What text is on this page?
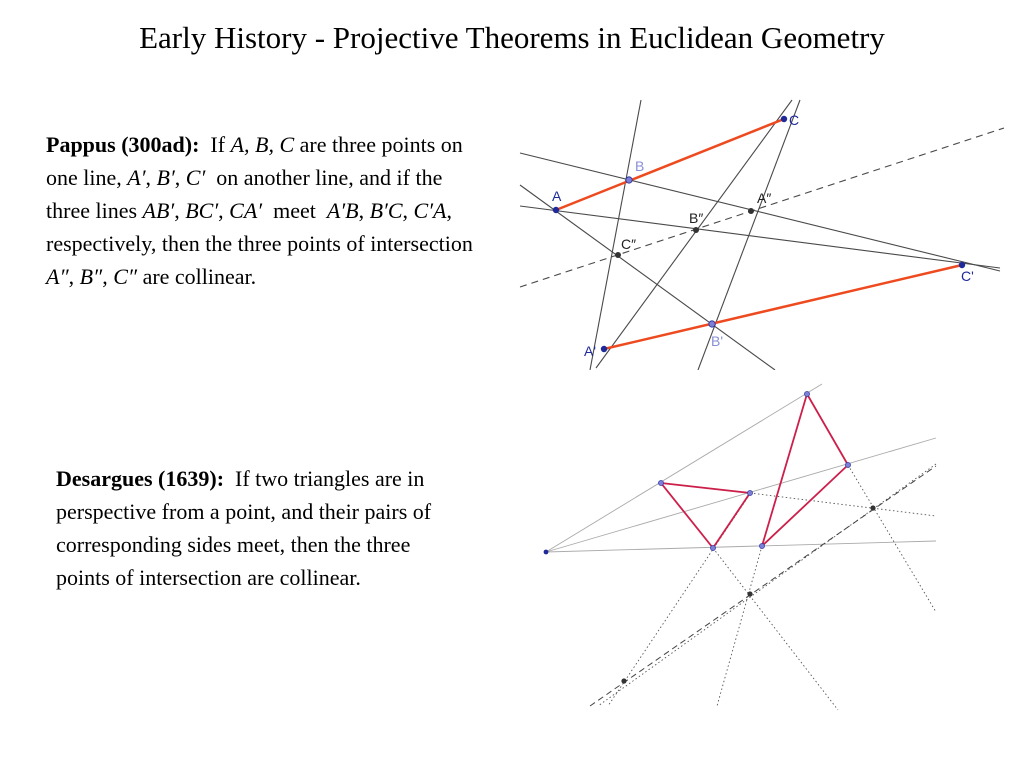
Early History - Projective Theorems in Euclidean Geometry

Pappus (300ad): If A, B, C are three points on one line, A′, B′, C′ on another line, and if the three lines AB′, BC′, CA′ meet A′B, B′C, C′A, respectively, then the three points of intersection A″, B″, C″ are collinear.

Desargues (1639): If two triangles are in perspective from a point, and their pairs of corresponding sides meet, then the three points of intersection are collinear.

A
B
C
A'
B'
C'
A″
B″
C″
